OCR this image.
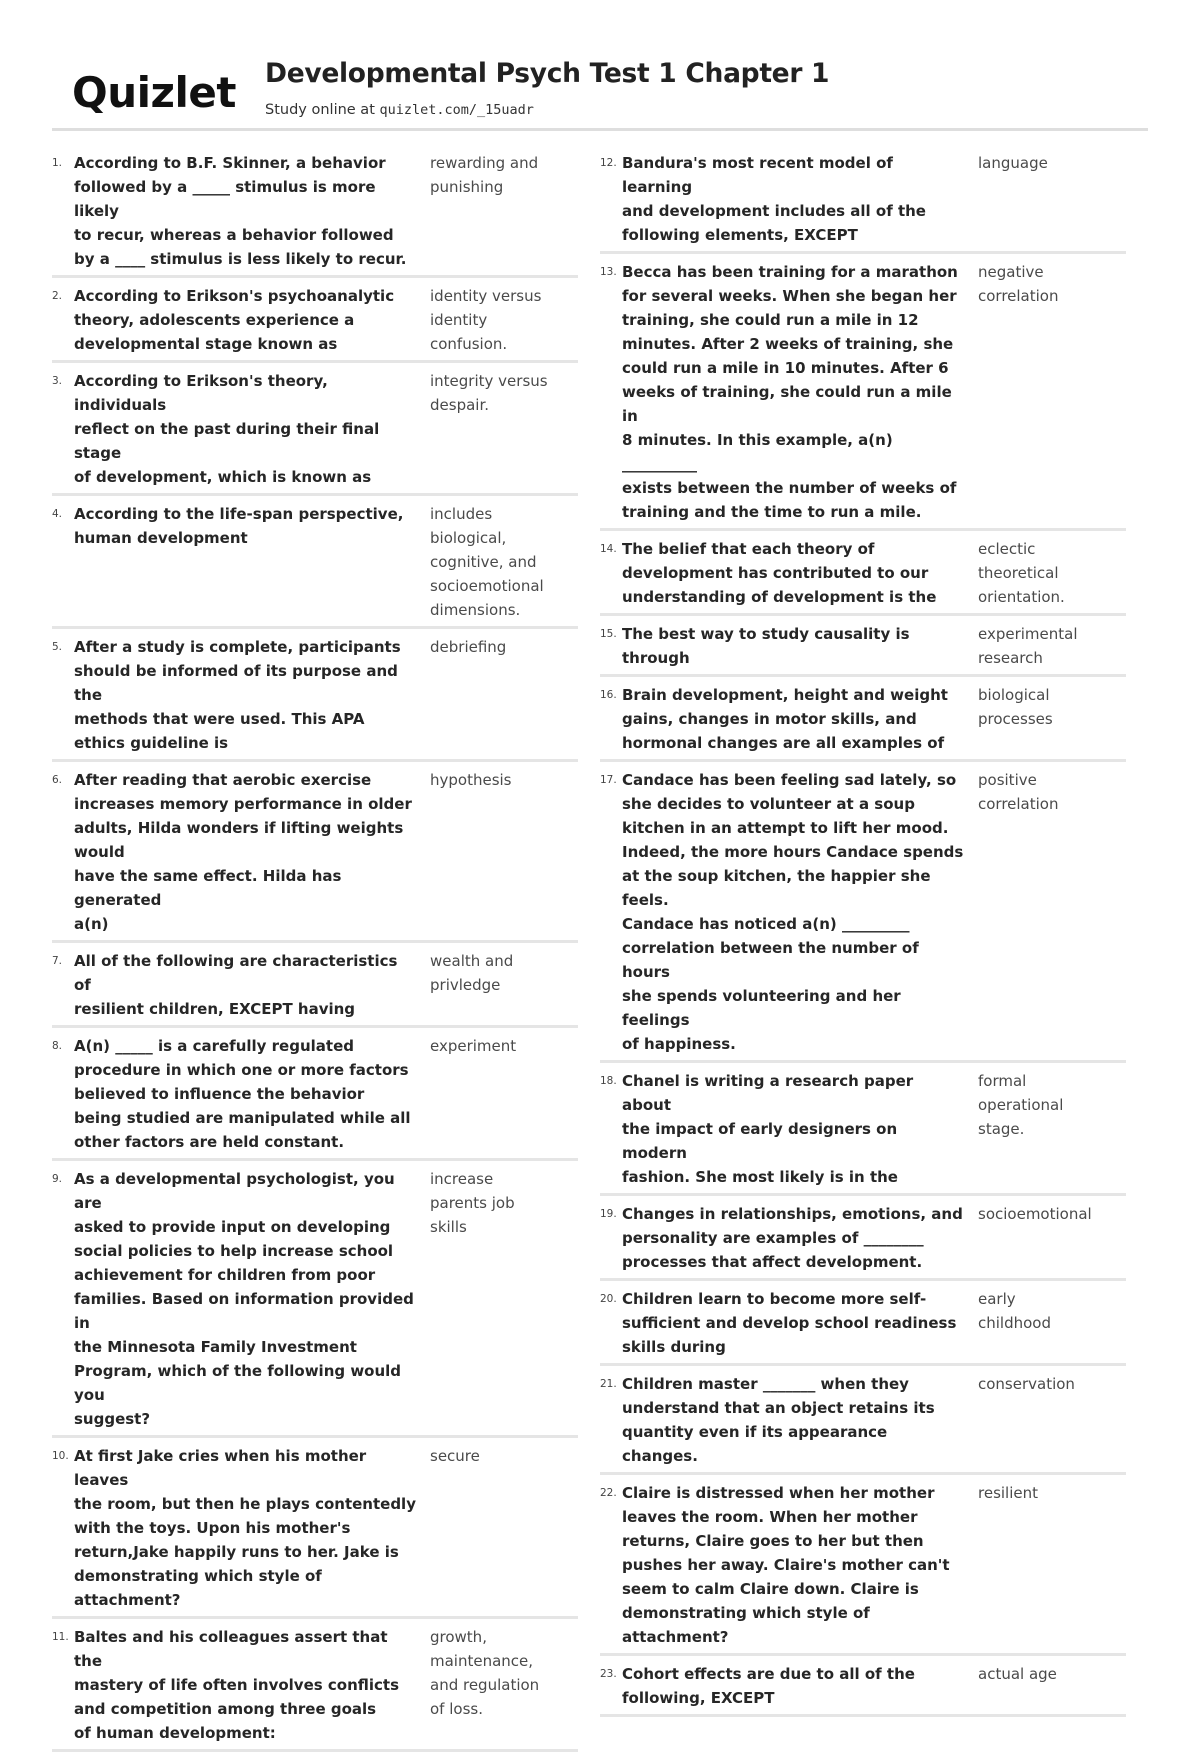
Quizlet Developmental Psych Test 1 Chapter 1
Study online at quizlet.com/_15uadr
1. According to B.F. Skinner, a behavior
followed by a _____ stimulus is more likely
to recur, whereas a behavior followed
by a ____ stimulus is less likely to recur.
rewarding and
punishing
2. According to Erikson's psychoanalytic
theory, adolescents experience a
developmental stage known as
identity versus
identity
confusion.
3. According to Erikson's theory, individuals
reflect on the past during their final stage
of development, which is known as
integrity versus
despair.
4. According to the life-span perspective,
human development
includes
biological,
cognitive, and
socioemotional
dimensions.
5. After a study is complete, participants
should be informed of its purpose and the
methods that were used. This APA
ethics guideline is
debriefing
6. After reading that aerobic exercise
increases memory performance in older
adults, Hilda wonders if lifting weights
would
have the same effect. Hilda has generated
a(n)
hypothesis
7. All of the following are characteristics of
resilient children, EXCEPT having
wealth and
privledge
8. A(n) _____ is a carefully regulated
procedure in which one or more factors
believed to influence the behavior
being studied are manipulated while all
other factors are held constant.
experiment
9. As a developmental psychologist, you are
asked to provide input on developing
social policies to help increase school
achievement for children from poor
families. Based on information provided in
the Minnesota Family Investment
Program, which of the following would you
suggest?
increase
parents job
skills
10. At first Jake cries when his mother leaves
the room, but then he plays contentedly
with the toys. Upon his mother's
return,Jake happily runs to her. Jake is
demonstrating which style of attachment?
secure
11. Baltes and his colleagues assert that the
mastery of life often involves conflicts
and competition among three goals
of human development:
growth,
maintenance,
and regulation
of loss.
12. Bandura's most recent model of learning
and development includes all of the
following elements, EXCEPT
language
13. Becca has been training for a marathon
for several weeks. When she began her
training, she could run a mile in 12
minutes. After 2 weeks of training, she
could run a mile in 10 minutes. After 6
weeks of training, she could run a mile in
8 minutes. In this example, a(n) __________
exists between the number of weeks of
training and the time to run a mile.
negative
correlation
14. The belief that each theory of
development has contributed to our
understanding of development is the
eclectic
theoretical
orientation.
15. The best way to study causality is through
experimental
research
16. Brain development, height and weight
gains, changes in motor skills, and
hormonal changes are all examples of
biological
processes
17. Candace has been feeling sad lately, so
she decides to volunteer at a soup
kitchen in an attempt to lift her mood.
Indeed, the more hours Candace spends
at the soup kitchen, the happier she feels.
Candace has noticed a(n) _________
correlation between the number of hours
she spends volunteering and her feelings
of happiness.
positive
correlation
18. Chanel is writing a research paper about
the impact of early designers on modern
fashion. She most likely is in the
formal
operational
stage.
19. Changes in relationships, emotions, and
personality are examples of ________
processes that affect development.
socioemotional
20. Children learn to become more self-
sufficient and develop school readiness
skills during
early
childhood
21. Children master _______ when they
understand that an object retains its
quantity even if its appearance changes.
conservation
22. Claire is distressed when her mother
leaves the room. When her mother
returns, Claire goes to her but then
pushes her away. Claire's mother can't
seem to calm Claire down. Claire is
demonstrating which style of attachment?
resilient
23. Cohort effects are due to all of the
following, EXCEPT
actual age
